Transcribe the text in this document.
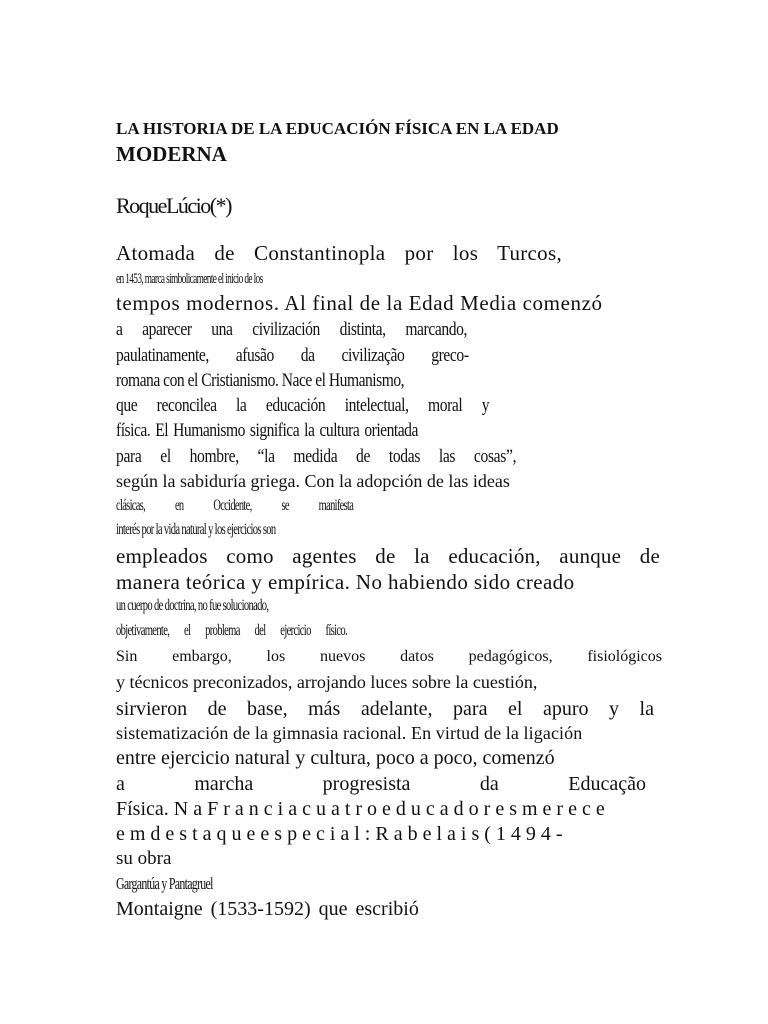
LA HISTORIA DE LA EDUCACIÓN FÍSICA EN LA EDAD
MODERNA
RoqueLúcio(*)
Atomada de Constantinopla por los Turcos,
en 1453, marca simbolicamente el inicio de los
tempos modernos. Al final de la Edad Media comenzó
a aparecer una civilización distinta, marcando,
paulatinamente, afusão da civilização greco-
romana con el Cristianismo. Nace el Humanismo,
que reconcilea la educación intelectual, moral y
física. El Humanismo significa la cultura orientada
para el hombre, “la medida de todas las cosas”,
según la sabiduría griega. Con la adopción de las ideas
clásicas, en Occidente, se manifesta
interés por la vida natural y los ejercicios son
empleados como agentes de la educación, aunque de
manera teórica y empírica. No habiendo sido creado
un cuerpo de doctrina, no fue solucionado,
objetivamente, el problema del ejercicio físico.
Sin embargo, los nuevos datos pedagógicos, fisiológicos
y técnicos preconizados, arrojando luces sobre la cuestión,
sirvieron de base, más adelante, para el apuro y la
sistematización de la gimnasia racional. En virtud de la ligación
entre ejercicio natural y cultura, poco a poco, comenzó
a marcha progresista da Educação
Física. N a F r a n c i a c u a t r o e d u c a d o r e s m e r e c e
e m d e s t a q u e e s p e c i a l : R a b e l a i s ( 1 4 9 4 -
su obra
Gargantúa y Pantagruel
Montaigne (1533-1592) que escribió
